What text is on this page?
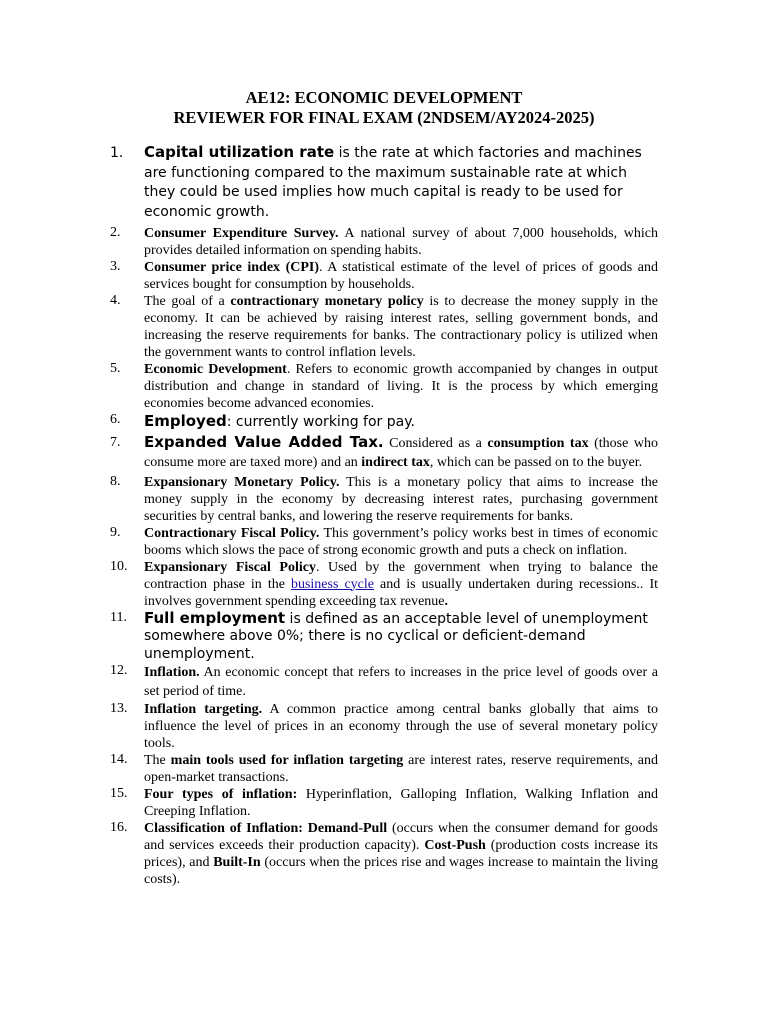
AE12: ECONOMIC DEVELOPMENT
REVIEWER FOR FINAL EXAM (2NDSEM/AY2024-2025)
1.	Capital utilization rate is the rate at which factories and machines are functioning compared to the maximum sustainable rate at which they could be used implies how much capital is ready to be used for economic growth.
2.	Consumer Expenditure Survey. A national survey of about 7,000 households, which provides detailed information on spending habits.
3.	Consumer price index (CPI). A statistical estimate of the level of prices of goods and services bought for consumption by households.
4.	The goal of a contractionary monetary policy is to decrease the money supply in the economy. It can be achieved by raising interest rates, selling government bonds, and increasing the reserve requirements for banks. The contractionary policy is utilized when the government wants to control inflation levels.
5.	Economic Development. Refers to economic growth accompanied by changes in output distribution and change in standard of living. It is the process by which emerging economies become advanced economies.
6.	Employed: currently working for pay.
7.	Expanded Value Added Tax. Considered as a consumption tax (those who consume more are taxed more) and an indirect tax, which can be passed on to the buyer.
8.	Expansionary Monetary Policy. This is a monetary policy that aims to increase the money supply in the economy by decreasing interest rates, purchasing government securities by central banks, and lowering the reserve requirements for banks.
9.	Contractionary Fiscal Policy. This government’s policy works best in times of economic booms which slows the pace of strong economic growth and puts a check on inflation.
10.	Expansionary Fiscal Policy. Used by the government when trying to balance the contraction phase in the business cycle and is usually undertaken during recessions.. It involves government spending exceeding tax revenue.
11.	Full employment is defined as an acceptable level of unemployment somewhere above 0%; there is no cyclical or deficient-demand unemployment.
12.	Inflation. An economic concept that refers to increases in the price level of goods over a set period of time.
13.	Inflation targeting. A common practice among central banks globally that aims to influence the level of prices in an economy through the use of several monetary policy tools.
14.	The main tools used for inflation targeting are interest rates, reserve requirements, and open-market transactions.
15.	Four types of inflation: Hyperinflation, Galloping Inflation, Walking Inflation and Creeping Inflation.
16.	Classification of Inflation: Demand-Pull (occurs when the consumer demand for goods and services exceeds their production capacity). Cost-Push (production costs increase its prices), and Built-In (occurs when the prices rise and wages increase to maintain the living costs).
